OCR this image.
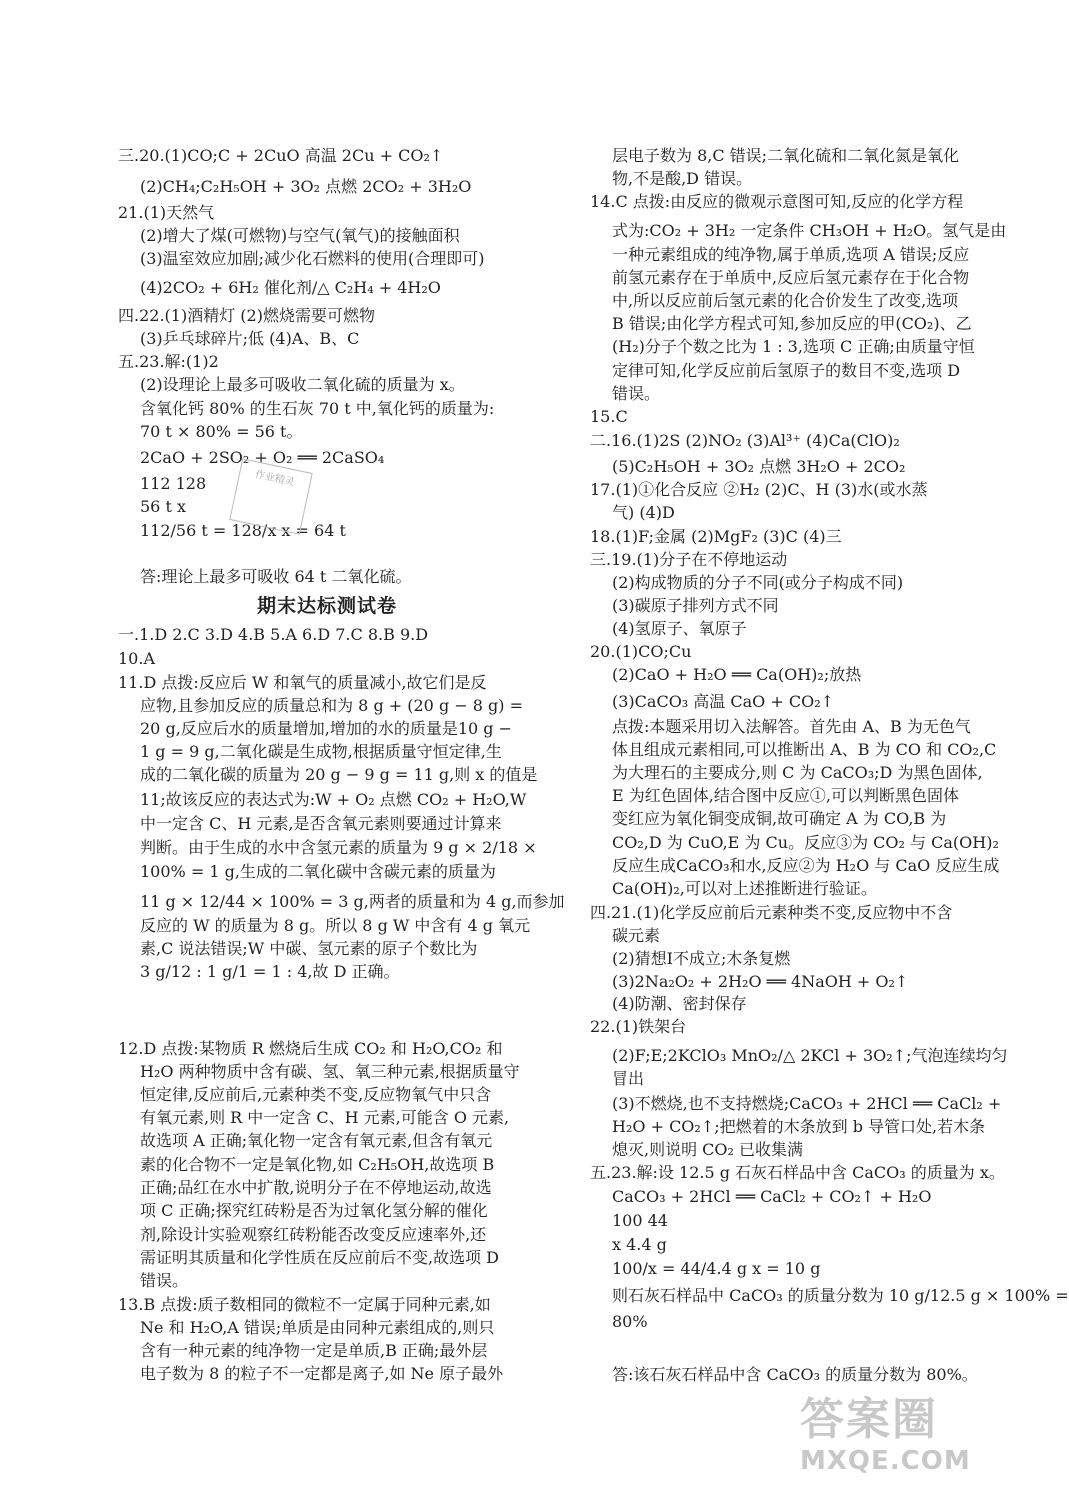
三.20.(1)CO;C + 2CuO 高温 2Cu + CO₂↑
(2)CH₄;C₂H₅OH + 3O₂ 点燃 2CO₂ + 3H₂O
21.(1)天然气
(2)增大了煤(可燃物)与空气(氧气)的接触面积
(3)温室效应加剧;减少化石燃料的使用(合理即可)
(4)2CO₂ + 6H₂ 催化剂/△ C₂H₄ + 4H₂O
四.22.(1)酒精灯 (2)燃烧需要可燃物
(3)乒乓球碎片;低 (4)A、B、C
五.23.解:(1)2
(2)设理论上最多可吸收二氧化硫的质量为 x。
含氧化钙 80% 的生石灰 70 t 中,氧化钙的质量为:
70 t × 80% = 56 t。
2CaO + 2SO₂ + O₂ ══ 2CaSO₄
112 128
56 t x
112/56 t = 128/x x = 64 t
答:理论上最多可吸收 64 t 二氧化硫。
一.1.D 2.C 3.D 4.B 5.A 6.D 7.C 8.B 9.D
10.A
11.D 点拨:反应后 W 和氧气的质量减小,故它们是反
应物,且参加反应的质量总和为 8 g + (20 g − 8 g) =
20 g,反应后水的质量增加,增加的水的质量是10 g −
1 g = 9 g,二氧化碳是生成物,根据质量守恒定律,生
成的二氧化碳的质量为 20 g − 9 g = 11 g,则 x 的值是
11;故该反应的表达式为:W + O₂ 点燃 CO₂ + H₂O,W
中一定含 C、H 元素,是否含氧元素则要通过计算来
判断。由于生成的水中含氢元素的质量为 9 g × 2/18 ×
100% = 1 g,生成的二氧化碳中含碳元素的质量为
11 g × 12/44 × 100% = 3 g,两者的质量和为 4 g,而参加
反应的 W 的质量为 8 g。所以 8 g W 中含有 4 g 氧元
素,C 说法错误;W 中碳、氢元素的原子个数比为
3 g/12 : 1 g/1 = 1 : 4,故 D 正确。
12.D 点拨:某物质 R 燃烧后生成 CO₂ 和 H₂O,CO₂ 和
H₂O 两种物质中含有碳、氢、氧三种元素,根据质量守
恒定律,反应前后,元素种类不变,反应物氧气中只含
有氧元素,则 R 中一定含 C、H 元素,可能含 O 元素,
故选项 A 正确;氧化物一定含有氧元素,但含有氧元
素的化合物不一定是氧化物,如 C₂H₅OH,故选项 B
正确;品红在水中扩散,说明分子在不停地运动,故选
项 C 正确;探究红砖粉是否为过氧化氢分解的催化
剂,除设计实验观察红砖粉能否改变反应速率外,还
需证明其质量和化学性质在反应前后不变,故选项 D
错误。
13.B 点拨:质子数相同的微粒不一定属于同种元素,如
Ne 和 H₂O,A 错误;单质是由同种元素组成的,则只
含有一种元素的纯净物一定是单质,B 正确;最外层
电子数为 8 的粒子不一定都是离子,如 Ne 原子最外
期末达标测试卷
层电子数为 8,C 错误;二氧化硫和二氧化氮是氧化
物,不是酸,D 错误。
14.C 点拨:由反应的微观示意图可知,反应的化学方程
式为:CO₂ + 3H₂ 一定条件 CH₃OH + H₂O。氢气是由
一种元素组成的纯净物,属于单质,选项 A 错误;反应
前氢元素存在于单质中,反应后氢元素存在于化合物
中,所以反应前后氢元素的化合价发生了改变,选项
B 错误;由化学方程式可知,参加反应的甲(CO₂)、乙
(H₂)分子个数之比为 1 : 3,选项 C 正确;由质量守恒
定律可知,化学反应前后氢原子的数目不变,选项 D
错误。
15.C
二.16.(1)2S (2)NO₂ (3)Al³⁺ (4)Ca(ClO)₂
(5)C₂H₅OH + 3O₂ 点燃 3H₂O + 2CO₂
17.(1)①化合反应 ②H₂ (2)C、H (3)水(或水蒸
气) (4)D
18.(1)F;金属 (2)MgF₂ (3)C (4)三
三.19.(1)分子在不停地运动
(2)构成物质的分子不同(或分子构成不同)
(3)碳原子排列方式不同
(4)氢原子、氧原子
20.(1)CO;Cu
(2)CaO + H₂O ══ Ca(OH)₂;放热
(3)CaCO₃ 高温 CaO + CO₂↑
点拨:本题采用切入法解答。首先由 A、B 为无色气
体且组成元素相同,可以推断出 A、B 为 CO 和 CO₂,C
为大理石的主要成分,则 C 为 CaCO₃;D 为黑色固体,
E 为红色固体,结合图中反应①,可以判断黑色固体
变红应为氧化铜变成铜,故可确定 A 为 CO,B 为
CO₂,D 为 CuO,E 为 Cu。反应③为 CO₂ 与 Ca(OH)₂
反应生成CaCO₃和水,反应②为 H₂O 与 CaO 反应生成
Ca(OH)₂,可以对上述推断进行验证。
四.21.(1)化学反应前后元素种类不变,反应物中不含
碳元素
(2)猜想Ⅰ不成立;木条复燃
(3)2Na₂O₂ + 2H₂O ══ 4NaOH + O₂↑
(4)防潮、密封保存
22.(1)铁架台
(2)F;E;2KClO₃ MnO₂/△ 2KCl + 3O₂↑;气泡连续均匀
冒出
(3)不燃烧,也不支持燃烧;CaCO₃ + 2HCl ══ CaCl₂ +
H₂O + CO₂↑;把燃着的木条放到 b 导管口处,若木条
熄灭,则说明 CO₂ 已收集满
五.23.解:设 12.5 g 石灰石样品中含 CaCO₃ 的质量为 x。
CaCO₃ + 2HCl ══ CaCl₂ + CO₂↑ + H₂O
100 44
x 4.4 g
100/x = 44/4.4 g x = 10 g
则石灰石样品中 CaCO₃ 的质量分数为 10 g/12.5 g × 100% =
80%
答:该石灰石样品中含 CaCO₃ 的质量分数为 80%。
作业精灵
答案圈
MXQE.COM
